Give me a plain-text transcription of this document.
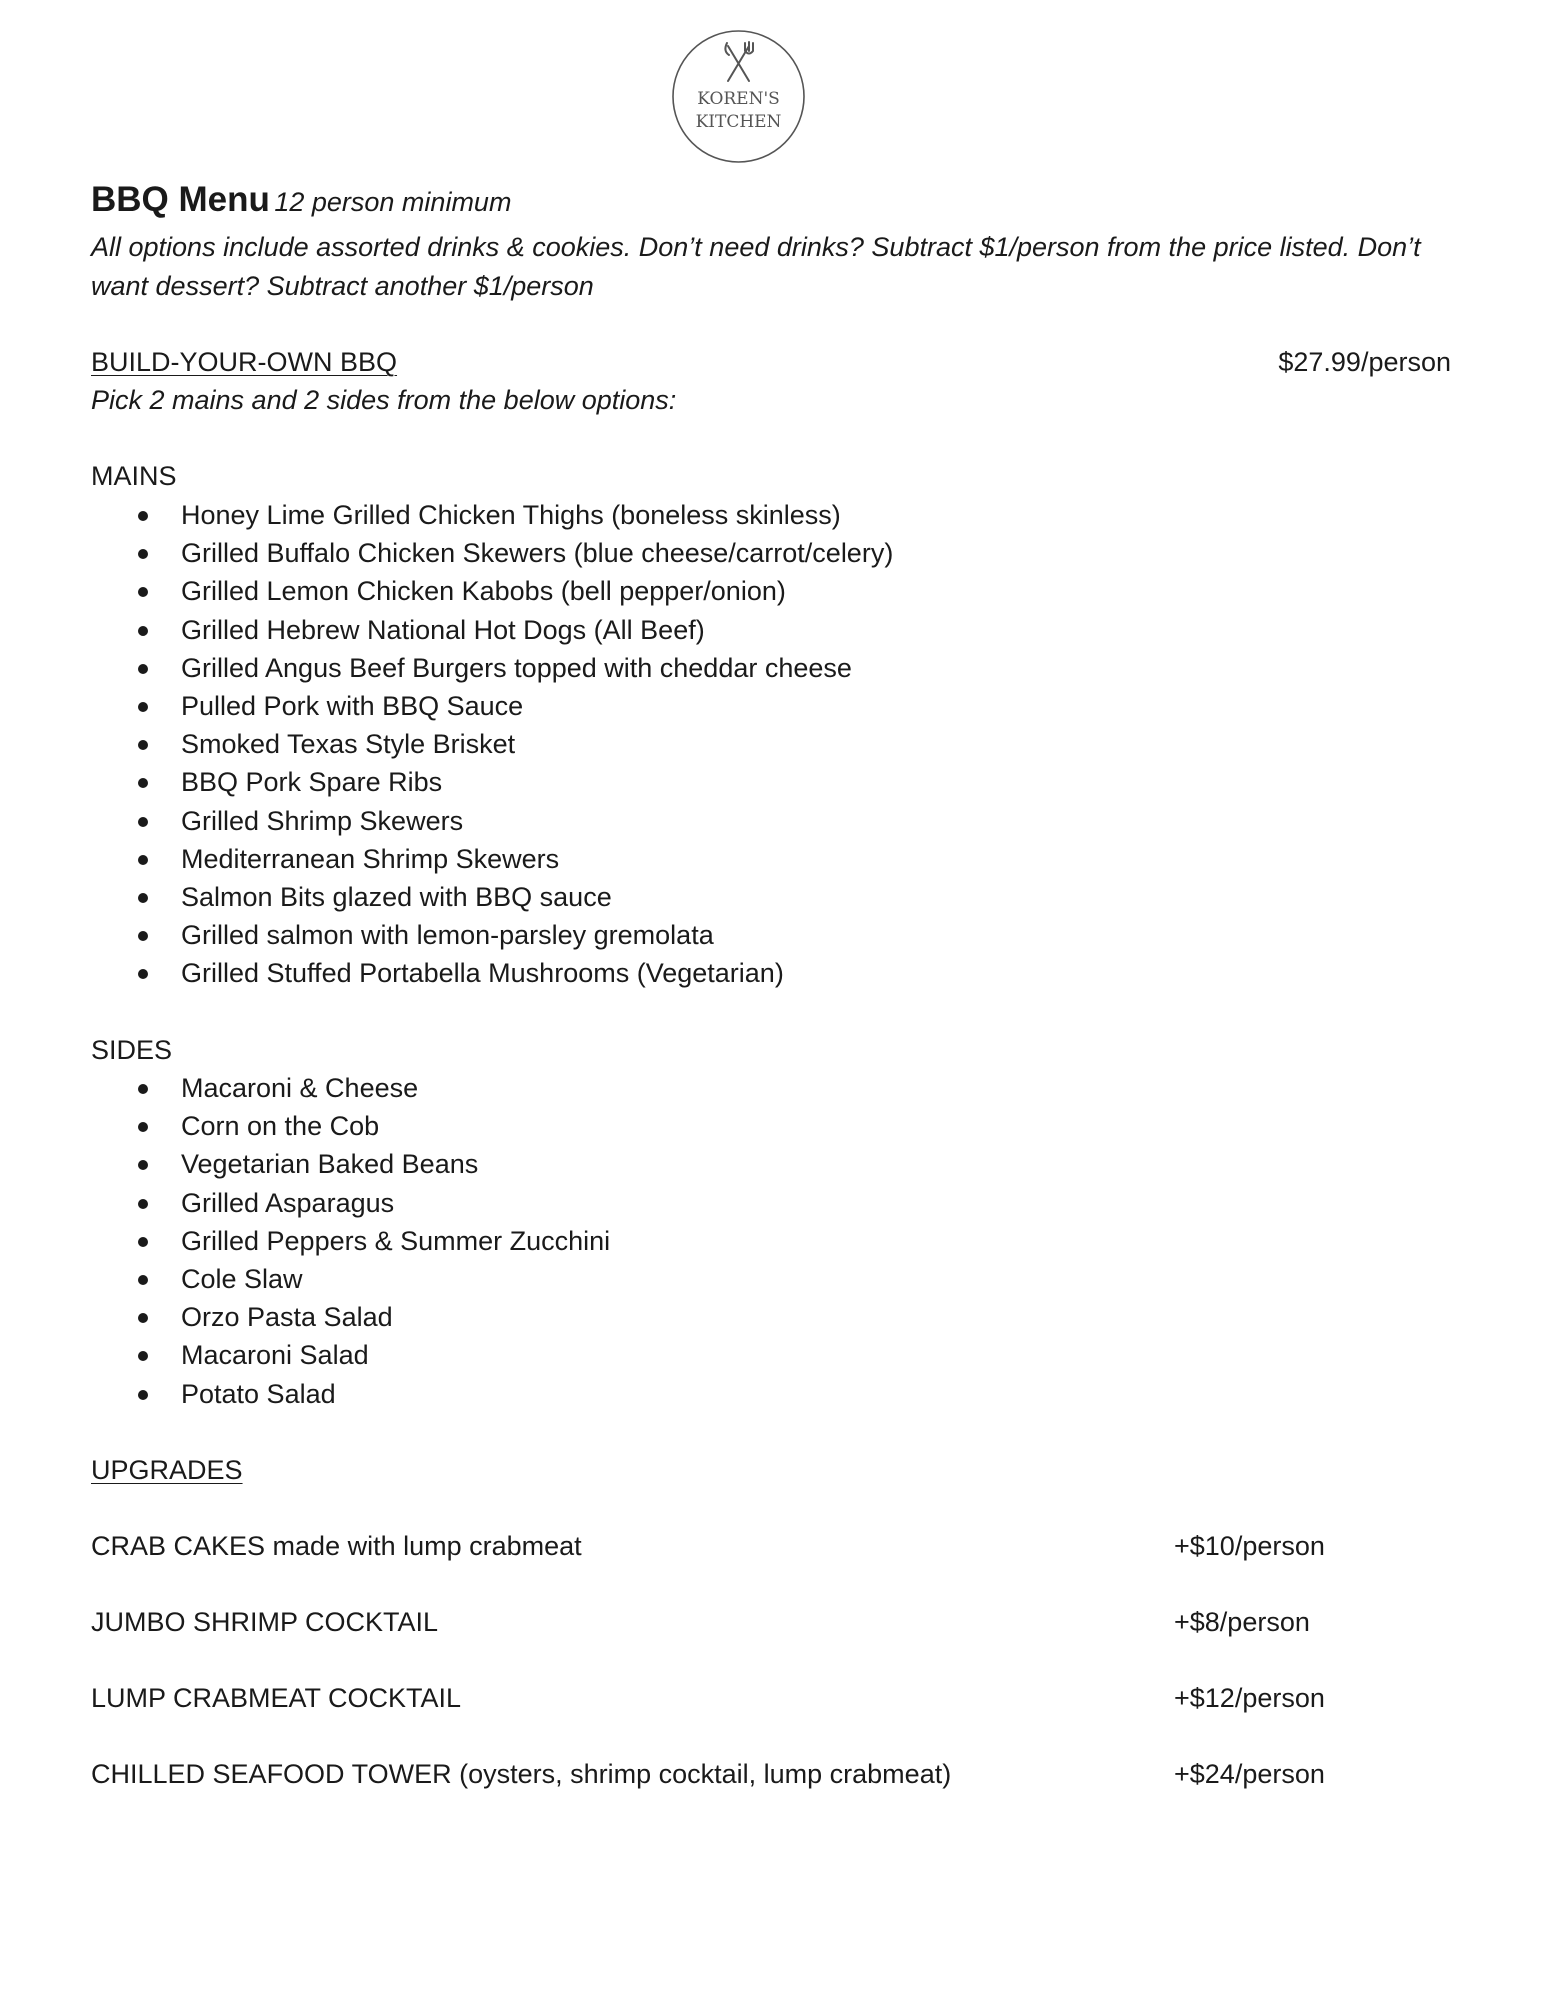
KOREN'S
KITCHEN
BBQ Menu 12 person minimum
All options include assorted drinks & cookies. Don’t need drinks? Subtract $1/person from the price listed. Don’t want dessert? Subtract another $1/person
BUILD-YOUR-OWN BBQ	$27.99/person
Pick 2 mains and 2 sides from the below options:
MAINS
Honey Lime Grilled Chicken Thighs (boneless skinless)
Grilled Buffalo Chicken Skewers (blue cheese/carrot/celery)
Grilled Lemon Chicken Kabobs (bell pepper/onion)
Grilled Hebrew National Hot Dogs (All Beef)
Grilled Angus Beef Burgers topped with cheddar cheese
Pulled Pork with BBQ Sauce
Smoked Texas Style Brisket
BBQ Pork Spare Ribs
Grilled Shrimp Skewers
Mediterranean Shrimp Skewers
Salmon Bits glazed with BBQ sauce
Grilled salmon with lemon-parsley gremolata
Grilled Stuffed Portabella Mushrooms (Vegetarian)
SIDES
Macaroni & Cheese
Corn on the Cob
Vegetarian Baked Beans
Grilled Asparagus
Grilled Peppers & Summer Zucchini
Cole Slaw
Orzo Pasta Salad
Macaroni Salad
Potato Salad
UPGRADES
CRAB CAKES made with lump crabmeat	+$10/person
JUMBO SHRIMP COCKTAIL	+$8/person
LUMP CRABMEAT COCKTAIL	+$12/person
CHILLED SEAFOOD TOWER (oysters, shrimp cocktail, lump crabmeat)	+$24/person
